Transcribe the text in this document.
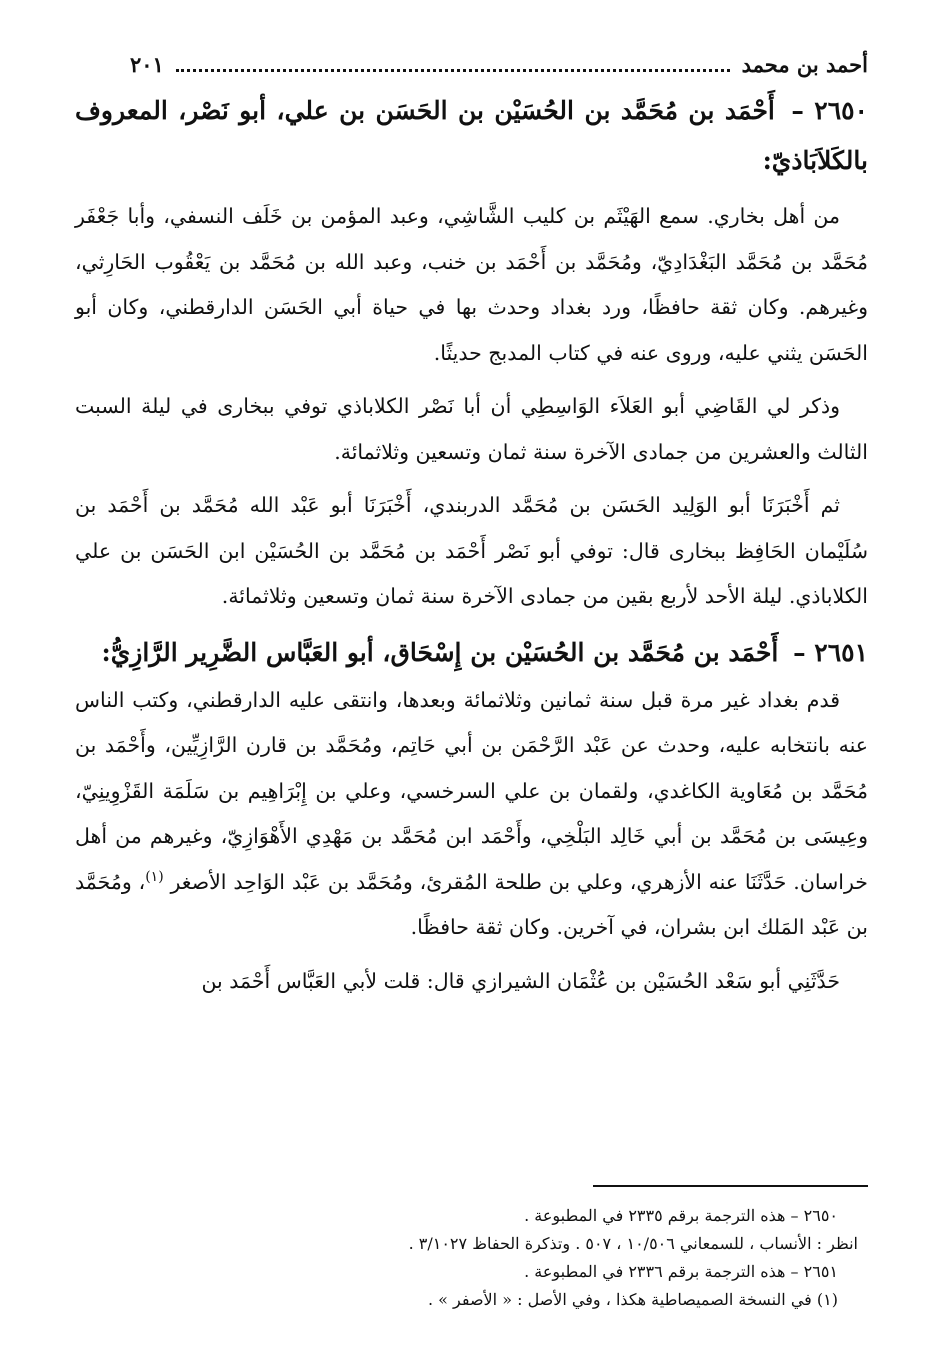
أحمد بن محمد
٢٠١
٢٦٥٠ – أَحْمَد بن مُحَمَّد بن الحُسَيْن بن الحَسَن بن علي، أبو نَصْر، المعروف بالكَلاَبَاذيّ:

من أهل بخاري. سمع الهَيْثَم بن كليب الشَّاشِي، وعبد المؤمن بن خَلَف النسفي، وأبا جَعْفَر مُحَمَّد بن مُحَمَّد البَغْدَادِيّ، ومُحَمَّد بن أَحْمَد بن خنب، وعبد الله بن مُحَمَّد بن يَعْقُوب الحَارِثي، وغيرهم. وكان ثقة حافظًا، ورد بغداد وحدث بها في حياة أبي الحَسَن الدارقطني، وكان أبو الحَسَن يثني عليه، وروى عنه في كتاب المدبج حديثًا.

وذكر لي القَاضِي أبو العَلاَء الوَاسِطِي أن أبا نَصْر الكلاباذي توفي ببخارى في ليلة السبت الثالث والعشرين من جمادى الآخرة سنة ثمان وتسعين وثلاثمائة.

ثم أَخْبَرَنَا أبو الوَلِيد الحَسَن بن مُحَمَّد الدربندي، أَخْبَرَنَا أبو عَبْد الله مُحَمَّد بن أَحْمَد بن سُلَيْمان الحَافِظ ببخارى قال: توفي أبو نَصْر أَحْمَد بن مُحَمَّد بن الحُسَيْن ابن الحَسَن بن علي الكلاباذي. ليلة الأحد لأربع بقين من جمادى الآخرة سنة ثمان وتسعين وثلاثمائة.

٢٦٥١ – أَحْمَد بن مُحَمَّد بن الحُسَيْن بن إِسْحَاق، أبو العَبَّاس الضَّرِير الرَّازِيُّ:

قدم بغداد غير مرة قبل سنة ثمانين وثلاثمائة وبعدها، وانتقى عليه الدارقطني، وكتب الناس عنه بانتخابه عليه، وحدث عن عَبْد الرَّحْمَن بن أبي حَاتِم، ومُحَمَّد بن قارن الرَّازِيِّين، وأَحْمَد بن مُحَمَّد بن مُعَاوية الكاغدي، ولقمان بن علي السرخسي، وعلي بن إِبْرَاهِيم بن سَلَمَة القَزْوِينِيّ، وعِيسَى بن مُحَمَّد بن أبي خَالِد البَلْخِي، وأَحْمَد ابن مُحَمَّد بن مَهْدِي الأَهْوَازِيّ، وغيرهم من أهل خراسان. حَدَّثَنَا عنه الأزهري، وعلي بن طلحة المُقرئ، ومُحَمَّد بن عَبْد الوَاحِد الأصغر $^{(١)}$، ومُحَمَّد بن عَبْد المَلك ابن بشران، في آخرين. وكان ثقة حافظًا.

حَدَّثَنِي أبو سَعْد الحُسَيْن بن عُثْمَان الشيرازي قال: قلت لأبي العَبَّاس أَحْمَد بن

٢٦٥٠ – هذه الترجمة برقم ٢٣٣٥ في المطبوعة .
انظر : الأنساب ، للسمعاني ١٠/٥٠٦ ، ٥٠٧ . وتذكرة الحفاظ ٣/١٠٢٧ .
٢٦٥١ – هذه الترجمة برقم ٢٣٣٦ في المطبوعة .
(١) في النسخة الصميصاطية هكذا ، وفي الأصل : « الأصفر » .
